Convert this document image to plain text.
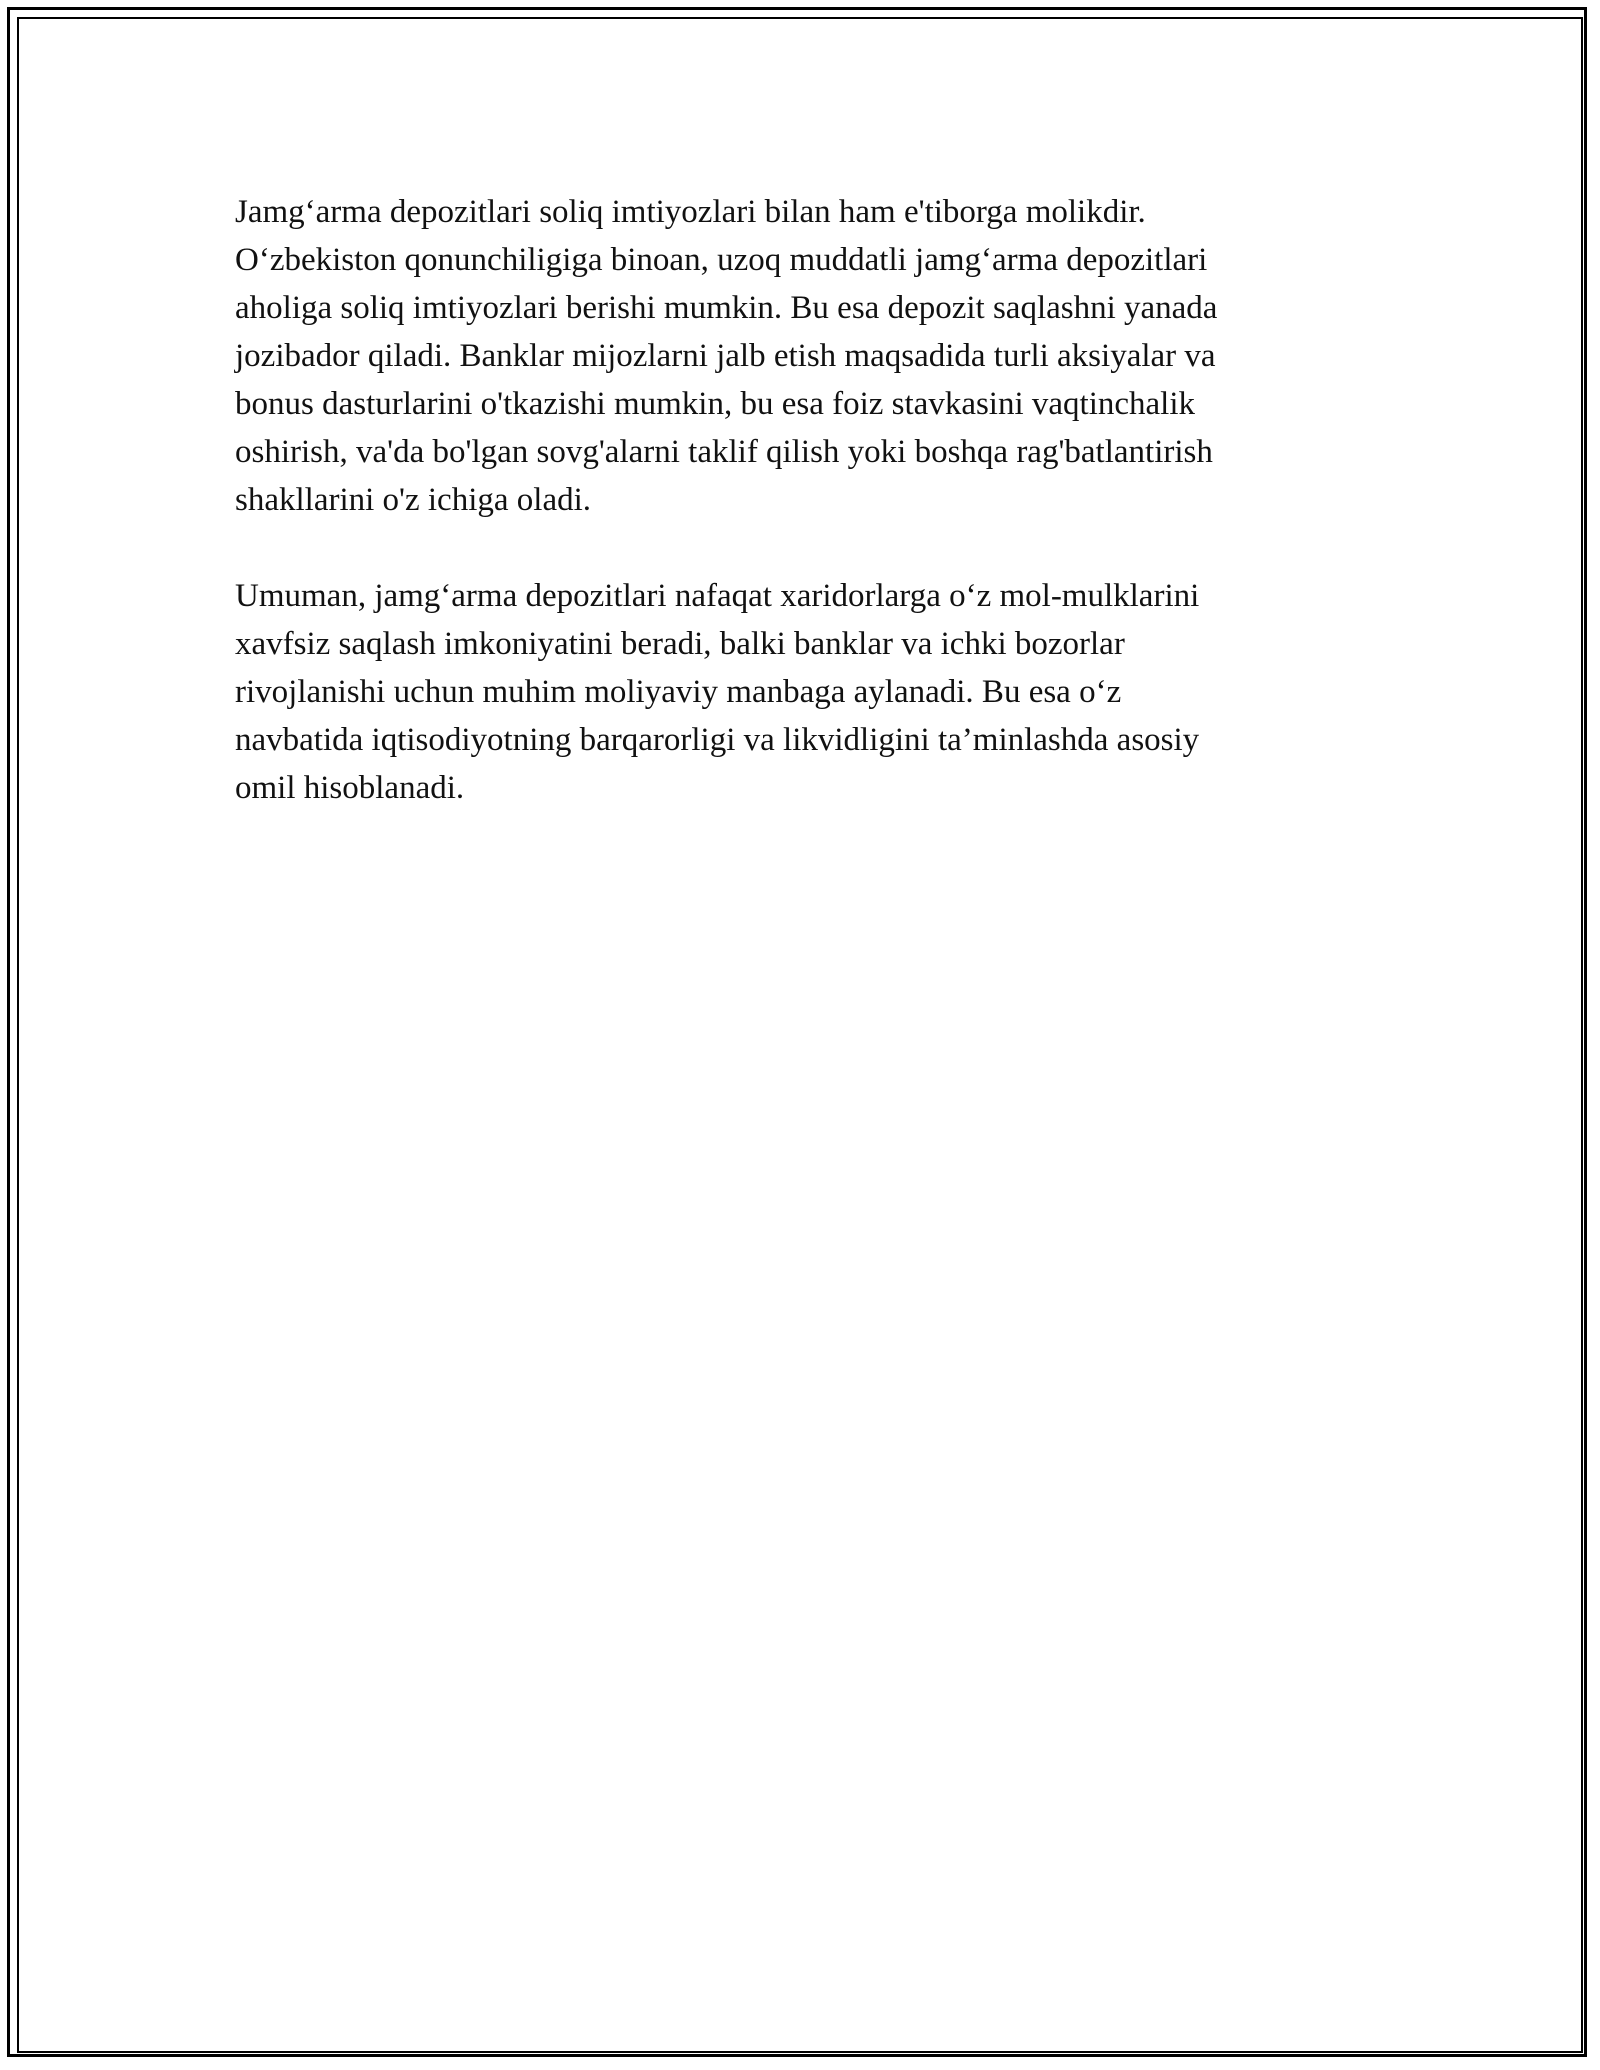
Jamg‘arma depozitlari soliq imtiyozlari bilan ham e'tiborga molikdir.
O‘zbekiston qonunchiligiga binoan, uzoq muddatli jamg‘arma depozitlari
aholiga soliq imtiyozlari berishi mumkin. Bu esa depozit saqlashni yanada
jozibador qiladi. Banklar mijozlarni jalb etish maqsadida turli aksiyalar va
bonus dasturlarini o'tkazishi mumkin, bu esa foiz stavkasini vaqtinchalik
oshirish, va'da bo'lgan sovg'alarni taklif qilish yoki boshqa rag'batlantirish
shakllarini o'z ichiga oladi.

Umuman, jamg‘arma depozitlari nafaqat xaridorlarga o‘z mol-mulklarini
xavfsiz saqlash imkoniyatini beradi, balki banklar va ichki bozorlar
rivojlanishi uchun muhim moliyaviy manbaga aylanadi. Bu esa o‘z
navbatida iqtisodiyotning barqarorligi va likvidligini ta’minlashda asosiy
omil hisoblanadi.
